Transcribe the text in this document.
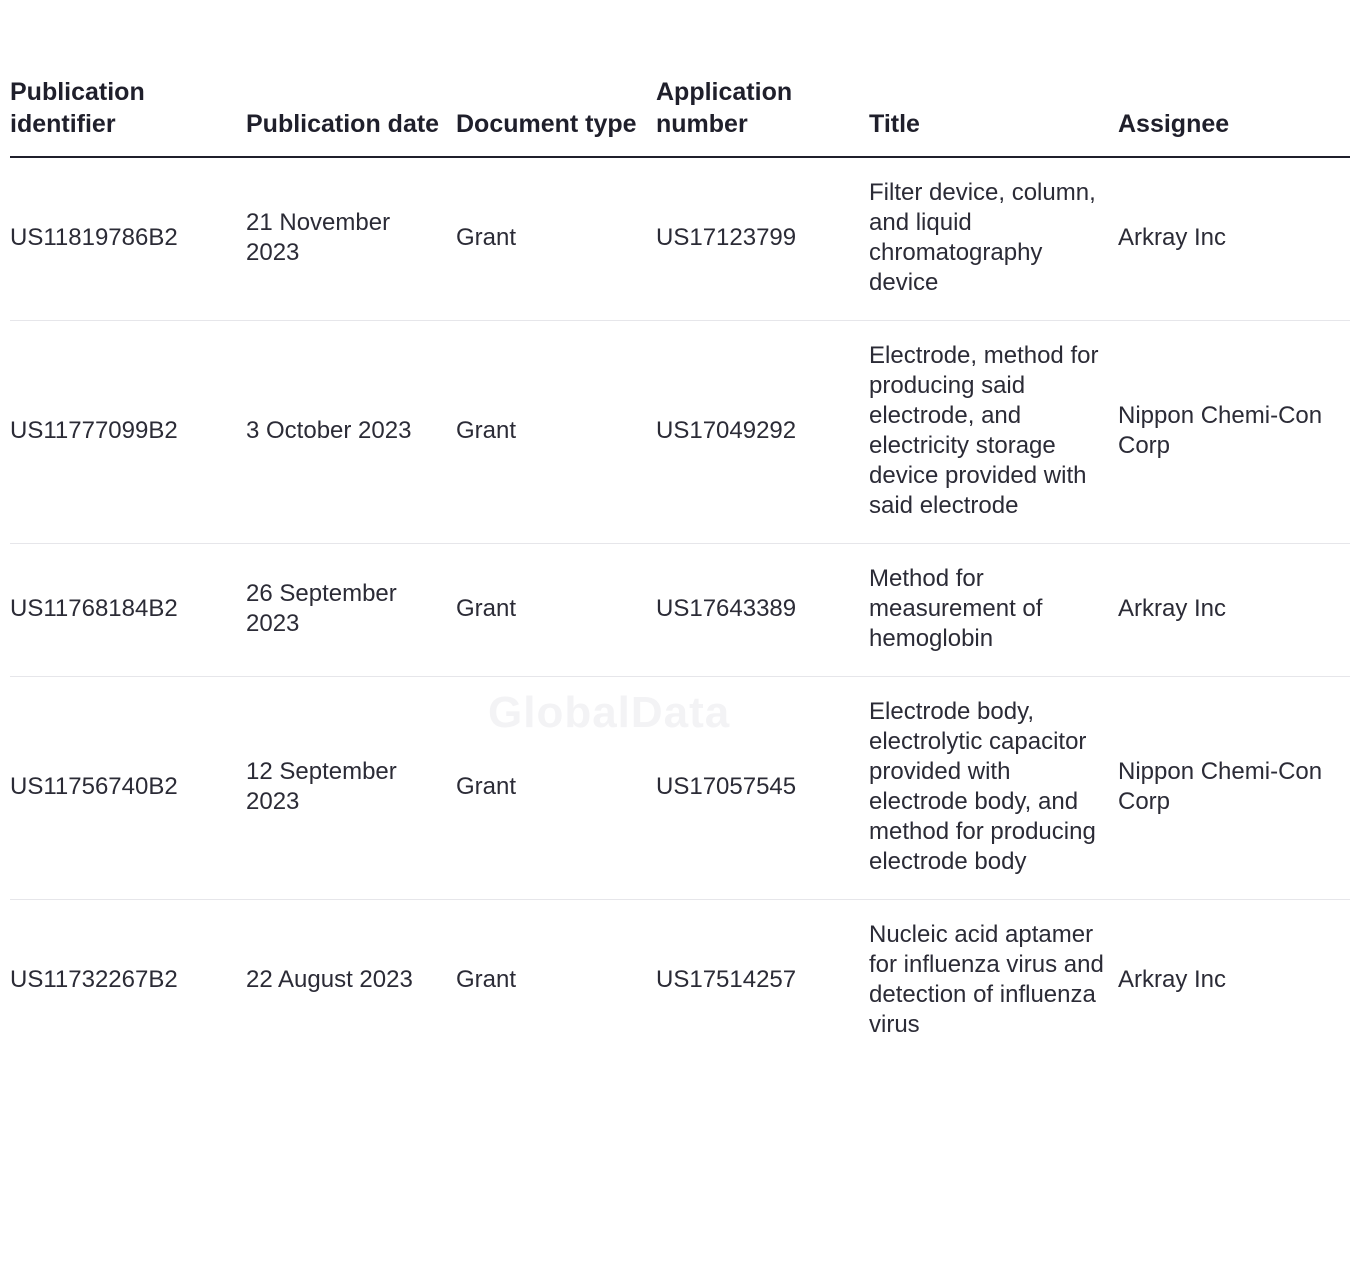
GlobalData
Publication identifier	Publication date	Document type	Application number	Title	Assignee

US11819786B2	21 November 2023	Grant	US17123799	Filter device, column, and liquid chromatography device	Arkray Inc

US11777099B2	3 October 2023	Grant	US17049292	Electrode, method for producing said electrode, and electricity storage device provided with said electrode	Nippon Chemi-Con Corp

US11768184B2	26 September 2023	Grant	US17643389	Method for measurement of hemoglobin	Arkray Inc

US11756740B2	12 September 2023	Grant	US17057545	Electrode body, electrolytic capacitor provided with electrode body, and method for producing electrode body	Nippon Chemi-Con Corp

US11732267B2	22 August 2023	Grant	US17514257	Nucleic acid aptamer for influenza virus and detection of influenza virus	Arkray Inc
